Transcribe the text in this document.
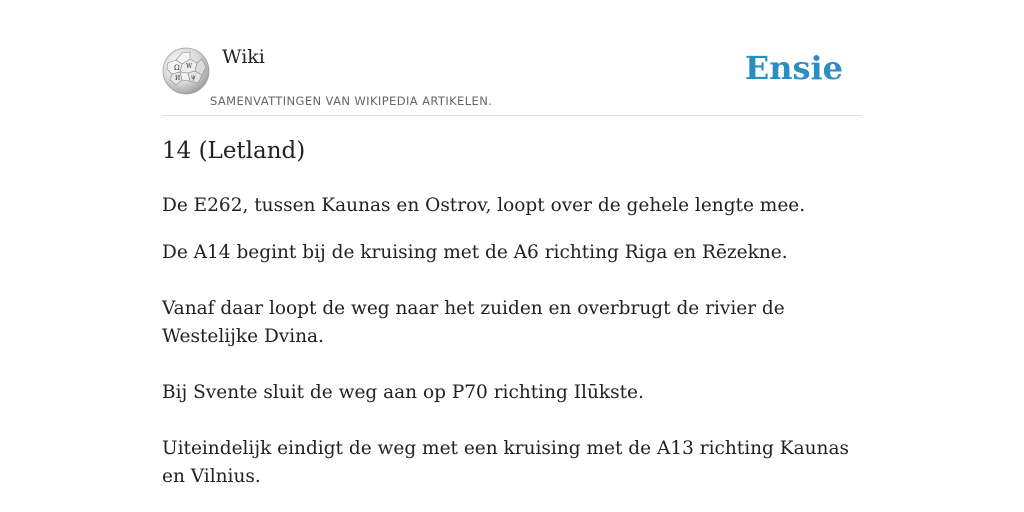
Ω W
И ψ
Wiki
SAMENVATTINGEN VAN WIKIPEDIA ARTIKELEN.
Ensie
14 (Letland)

De E262, tussen Kaunas en Ostrov, loopt over de gehele lengte mee.

De A14 begint bij de kruising met de A6 richting Riga en Rēzekne.

Vanaf daar loopt de weg naar het zuiden en overbrugt de rivier de Westelijke Dvina.

Bij Svente sluit de weg aan op P70 richting Ilūkste.

Uiteindelijk eindigt de weg met een kruising met de A13 richting Kaunas en Vilnius.
